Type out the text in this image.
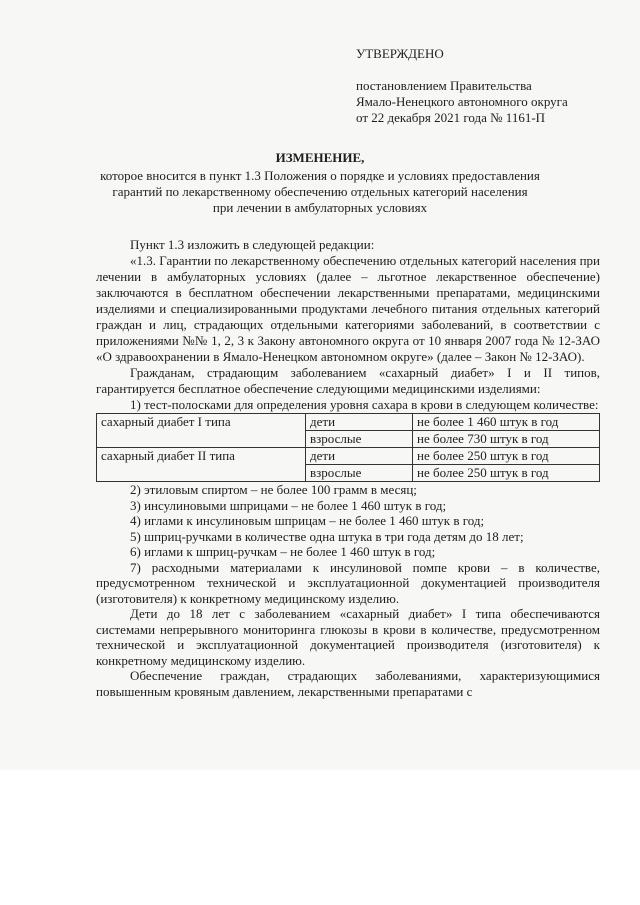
УТВЕРЖДЕНО
постановлением Правительства
Ямало-Ненецкого автономного округа
от 22 декабря 2021 года № 1161-П
ИЗМЕНЕНИЕ,
которое вносится в пункт 1.3 Положения о порядке и условиях предоставления
гарантий по лекарственному обеспечению отдельных категорий населения
при лечении в амбулаторных условиях

Пункт 1.3 изложить в следующей редакции:

«1.3. Гарантии по лекарственному обеспечению отдельных категорий населения при лечении в амбулаторных условиях (далее – льготное лекарственное обеспечение) заключаются в бесплатном обеспечении лекарственными препаратами, медицинскими изделиями и специализированными продуктами лечебного питания отдельных категорий граждан и лиц, страдающих отдельными категориями заболеваний, в соответствии с приложениями №№ 1, 2, 3 к Закону автономного округа от 10 января 2007 года № 12-ЗАО «О здравоохранении в Ямало-Ненецком автономном округе» (далее – Закон № 12-ЗАО).

Гражданам, страдающим заболеванием «сахарный диабет» I и II типов, гарантируется бесплатное обеспечение следующими медицинскими изделиями:

1) тест-полосками для определения уровня сахара в крови в следующем количестве:

сахарный диабет I типа	дети	не более 1 460 штук в год
	взрослые	не более 730 штук в год
сахарный диабет II типа	дети	не более 250 штук в год
	взрослые	не более 250 штук в год

2) этиловым спиртом – не более 100 грамм в месяц;

3) инсулиновыми шприцами – не более 1 460 штук в год;

4) иглами к инсулиновым шприцам – не более 1 460 штук в год;

5) шприц-ручками в количестве одна штука в три года детям до 18 лет;

6) иглами к шприц-ручкам – не более 1 460 штук в год;

7) расходными материалами к инсулиновой помпе крови – в количестве, предусмотренном технической и эксплуатационной документацией производителя (изготовителя) к конкретному медицинскому изделию.

Дети до 18 лет с заболеванием «сахарный диабет» I типа обеспечиваются системами непрерывного мониторинга глюкозы в крови в количестве, предусмотренном технической и эксплуатационной документацией производителя (изготовителя) к конкретному медицинскому изделию.

Обеспечение граждан, страдающих заболеваниями, характеризующимися повышенным кровяным давлением, лекарственными препаратами с
